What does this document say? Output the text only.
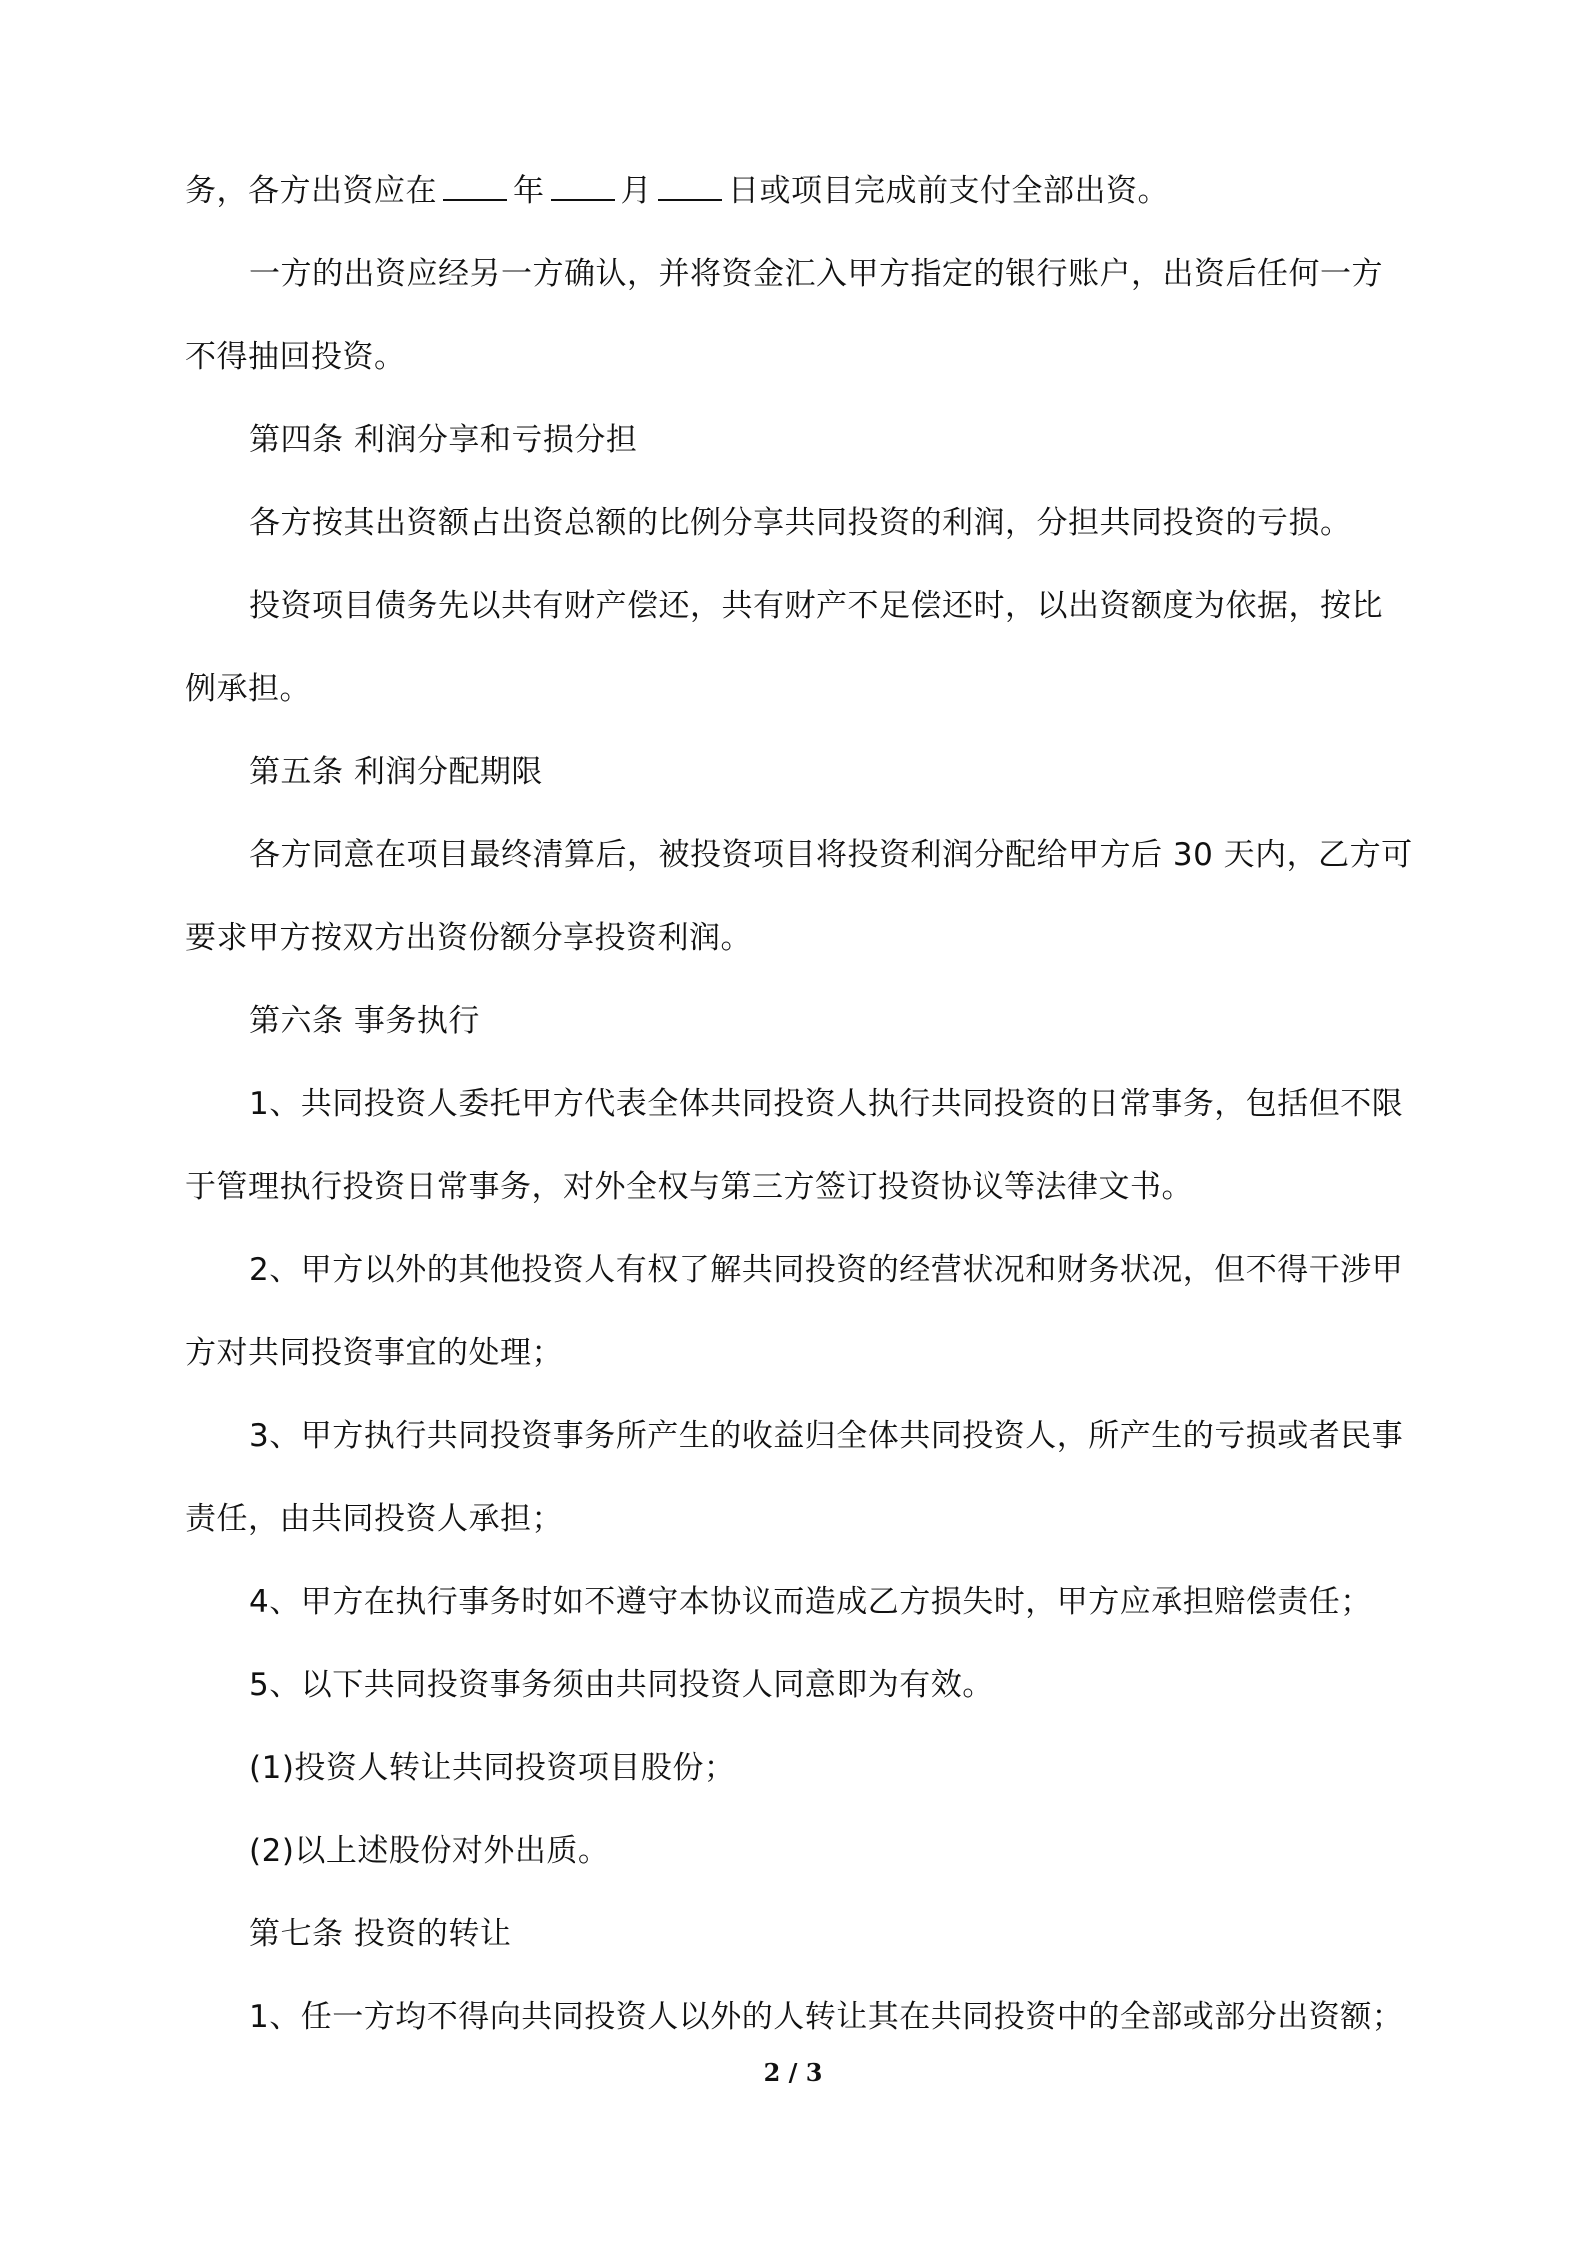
务，各方出资应在 年 月 日或项目完成前支付全部出资。
一方的出资应经另一方确认，并将资金汇入甲方指定的银行账户，出资后任何一方
不得抽回投资。
第四条 利润分享和亏损分担
各方按其出资额占出资总额的比例分享共同投资的利润，分担共同投资的亏损。
投资项目债务先以共有财产偿还，共有财产不足偿还时，以出资额度为依据，按比
例承担。
第五条 利润分配期限
各方同意在项目最终清算后，被投资项目将投资利润分配给甲方后 30 天内，乙方可
要求甲方按双方出资份额分享投资利润。
第六条 事务执行
1、共同投资人委托甲方代表全体共同投资人执行共同投资的日常事务，包括但不限
于管理执行投资日常事务，对外全权与第三方签订投资协议等法律文书。
2、甲方以外的其他投资人有权了解共同投资的经营状况和财务状况，但不得干涉甲
方对共同投资事宜的处理；
3、甲方执行共同投资事务所产生的收益归全体共同投资人，所产生的亏损或者民事
责任，由共同投资人承担；
4、甲方在执行事务时如不遵守本协议而造成乙方损失时，甲方应承担赔偿责任；
5、以下共同投资事务须由共同投资人同意即为有效。
(1)投资人转让共同投资项目股份；
(2)以上述股份对外出质。
第七条 投资的转让
1、任一方均不得向共同投资人以外的人转让其在共同投资中的全部或部分出资额；
2 / 3
